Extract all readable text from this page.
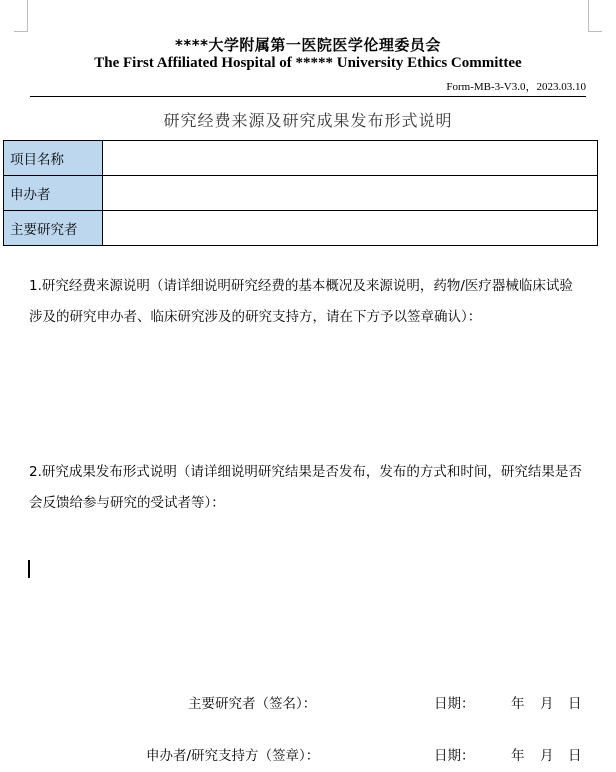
****大学附属第一医院医学伦理委员会
The First Affiliated Hospital of ***** University Ethics Committee
Form-MB-3-V3.0，2023.03.10
研究经费来源及研究成果发布形式说明
项目名称	
申办者	
主要研究者	
1.研究经费来源说明（请详细说明研究经费的基本概况及来源说明，药物/医疗器械临床试验涉及的研究申办者、临床研究涉及的研究支持方，请在下方予以签章确认）：
2.研究成果发布形式说明（请详细说明研究结果是否发布，发布的方式和时间，研究结果是否会反馈给参与研究的受试者等）：
主要研究者（签名）：	日期：	年 月 日
申办者/研究支持方（签章）：	日期：	年 月 日
